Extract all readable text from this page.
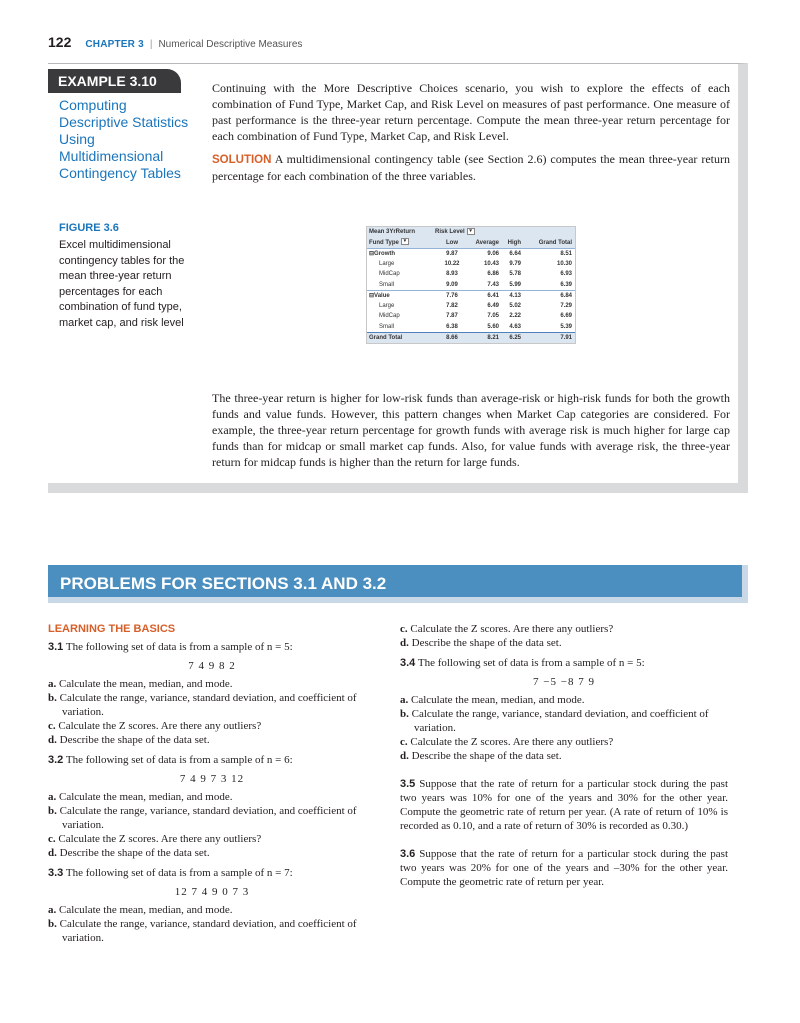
122 CHAPTER 3 | Numerical Descriptive Measures
EXAMPLE 3.10
Computing Descriptive Statistics Using Multidimensional Contingency Tables

Continuing with the More Descriptive Choices scenario, you wish to explore the effects of each combination of Fund Type, Market Cap, and Risk Level on measures of past performance. One measure of past performance is the three-year return percentage. Compute the mean three-year return percentage for each combination of Fund Type, Market Cap, and Risk Level.

SOLUTION A multidimensional contingency table (see Section 2.6) computes the mean three-year return percentage for each combination of the three variables.

FIGURE 3.6
Excel multidimensional contingency tables for the mean three-year return percentages for each combination of fund type, market cap, and risk level
Mean 3YrReturn	Risk Level ▾
Fund Type ▾	Low	Average	High	Grand Total
⊟Growth	9.87	9.06	6.64	8.51
Large	10.22	10.43	9.79	10.30
MidCap	8.93	6.86	5.78	6.93
Small	9.09	7.43	5.99	6.39
⊟Value	7.76	6.41	4.13	6.84
Large	7.82	6.49	5.02	7.29
MidCap	7.87	7.05	2.22	6.69
Small	6.38	5.60	4.63	5.39
Grand Total	8.66	8.21	6.25	7.91

The three-year return is higher for low-risk funds than average-risk or high-risk funds for both the growth funds and value funds. However, this pattern changes when Market Cap categories are considered. For example, the three-year return percentage for growth funds with average risk is much higher for large cap funds than for midcap or small market cap funds. Also, for value funds with average risk, the three-year return for midcap funds is higher than the return for large funds.

PROBLEMS FOR SECTIONS 3.1 AND 3.2
LEARNING THE BASICS
3.1 The following set of data is from a sample of n = 5:
7 4 9 8 2
a. Calculate the mean, median, and mode.
b. Calculate the range, variance, standard deviation, and coefficient of variation.
c. Calculate the Z scores. Are there any outliers?
d. Describe the shape of the data set.
3.2 The following set of data is from a sample of n = 6:
7 4 9 7 3 12
a. Calculate the mean, median, and mode.
b. Calculate the range, variance, standard deviation, and coefficient of variation.
c. Calculate the Z scores. Are there any outliers?
d. Describe the shape of the data set.
3.3 The following set of data is from a sample of n = 7:
12 7 4 9 0 7 3
a. Calculate the mean, median, and mode.
b. Calculate the range, variance, standard deviation, and coefficient of variation.
c. Calculate the Z scores. Are there any outliers?
d. Describe the shape of the data set.
3.4 The following set of data is from a sample of n = 5:
7 −5 −8 7 9
a. Calculate the mean, median, and mode.
b. Calculate the range, variance, standard deviation, and coefficient of variation.
c. Calculate the Z scores. Are there any outliers?
d. Describe the shape of the data set.
3.5 Suppose that the rate of return for a particular stock during the past two years was 10% for one of the years and 30% for the other year. Compute the geometric rate of return per year. (A rate of return of 10% is recorded as 0.10, and a rate of return of 30% is recorded as 0.30.)
3.6 Suppose that the rate of return for a particular stock during the past two years was 20% for one of the years and –30% for the other year. Compute the geometric rate of return per year.
